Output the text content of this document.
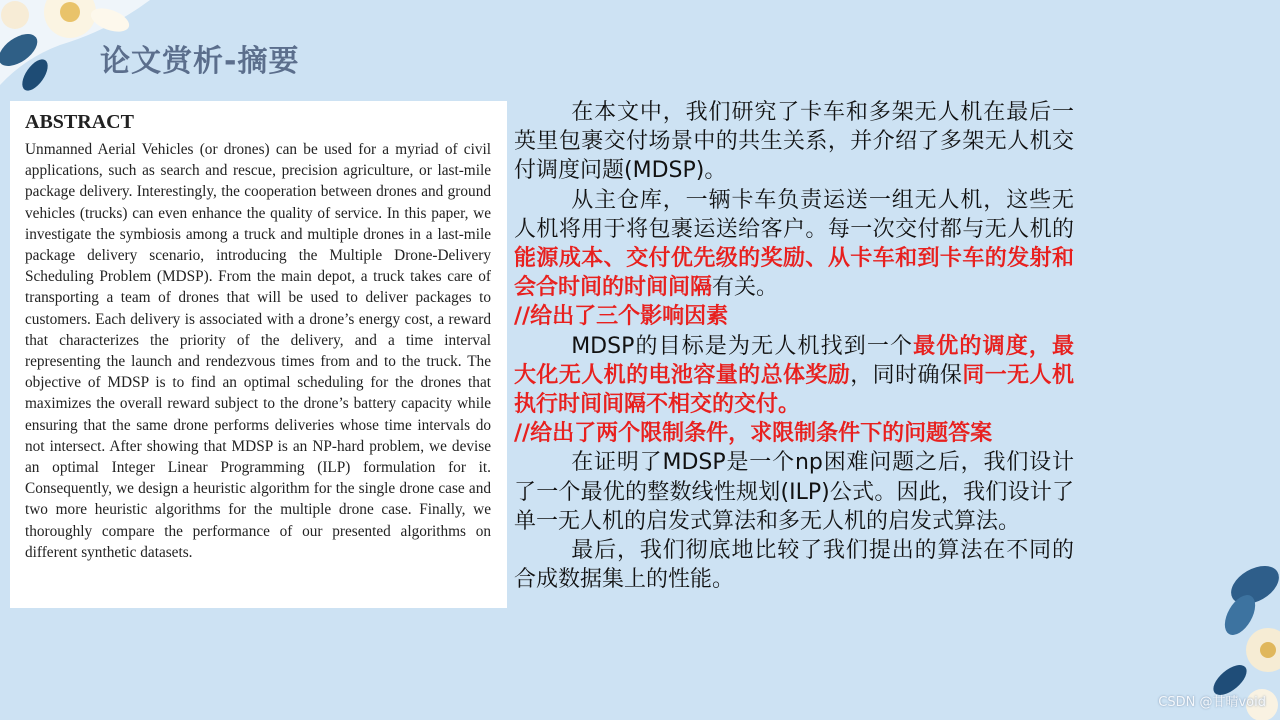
论文赏析-摘要
ABSTRACT

Unmanned Aerial Vehicles (or drones) can be used for a myriad of civil applications, such as search and rescue, precision agriculture, or last-mile package delivery. Interestingly, the cooperation between drones and ground vehicles (trucks) can even enhance the quality of service. In this paper, we investigate the symbiosis among a truck and multiple drones in a last-mile package delivery scenario, introducing the Multiple Drone-Delivery Scheduling Problem (MDSP). From the main depot, a truck takes care of transporting a team of drones that will be used to deliver packages to customers. Each delivery is associated with a drone’s energy cost, a reward that characterizes the priority of the delivery, and a time interval representing the launch and rendezvous times from and to the truck. The objective of MDSP is to find an optimal scheduling for the drones that maximizes the overall reward subject to the drone’s battery capacity while ensuring that the same drone performs deliveries whose time intervals do not intersect. After showing that MDSP is an NP-hard problem, we devise an optimal Integer Linear Programming (ILP) formulation for it. Consequently, we design a heuristic algorithm for the single drone case and two more heuristic algorithms for the multiple drone case. Finally, we thoroughly compare the performance of our presented algorithms on different synthetic datasets.

在本文中，我们研究了卡车和多架无人机在最后一英里包裹交付场景中的共生关系，并介绍了多架无人机交付调度问题(MDSP)。

从主仓库，一辆卡车负责运送一组无人机，这些无人机将用于将包裹运送给客户。每一次交付都与无人机的能源成本、交付优先级的奖励、从卡车和到卡车的发射和会合时间的时间间隔有关。

//给出了三个影响因素

MDSP的目标是为无人机找到一个最优的调度，最大化无人机的电池容量的总体奖励，同时确保同一无人机执行时间间隔不相交的交付。

//给出了两个限制条件，求限制条件下的问题答案

在证明了MDSP是一个np困难问题之后，我们设计了一个最优的整数线性规划(ILP)公式。因此，我们设计了单一无人机的启发式算法和多无人机的启发式算法。

最后，我们彻底地比较了我们提出的算法在不同的合成数据集上的性能。

CSDN @甘晴void
